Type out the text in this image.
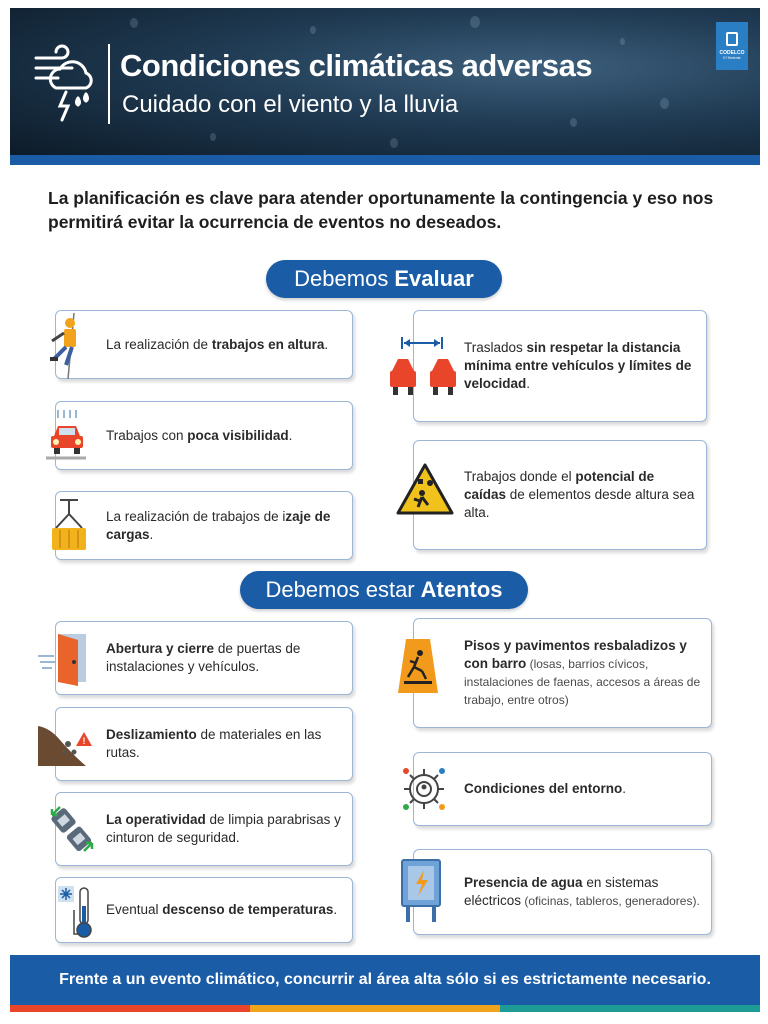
Condiciones climáticas adversas
Cuidado con el viento y la lluvia
CODELCO
El Teniente
La planificación es clave para atender oportunamente la contingencia y eso nos permitirá evitar la ocurrencia de eventos no deseados.
Debemos Evaluar
La realización de trabajos en altura.
Trabajos con poca visibilidad.
La realización de trabajos de izaje de cargas.
Traslados sin respetar la distancia mínima entre vehículos y límites de velocidad.
Trabajos donde el potencial de caídas de elementos desde altura sea alta.
Debemos estar Atentos
Abertura y cierre de puertas de instalaciones y vehículos.
! Deslizamiento de materiales en las rutas.
La operatividad de limpia parabrisas y cinturon de seguridad.
Eventual descenso de temperaturas.
Pisos y pavimentos resbaladizos y con barro (losas, barrios cívicos, instalaciones de faenas, accesos a áreas de trabajo, entre otros)
Condiciones del entorno.
Presencia de agua en sistemas eléctricos (oficinas, tableros, generadores).
Frente a un evento climático, concurrir al área alta sólo si es estrictamente necesario.
